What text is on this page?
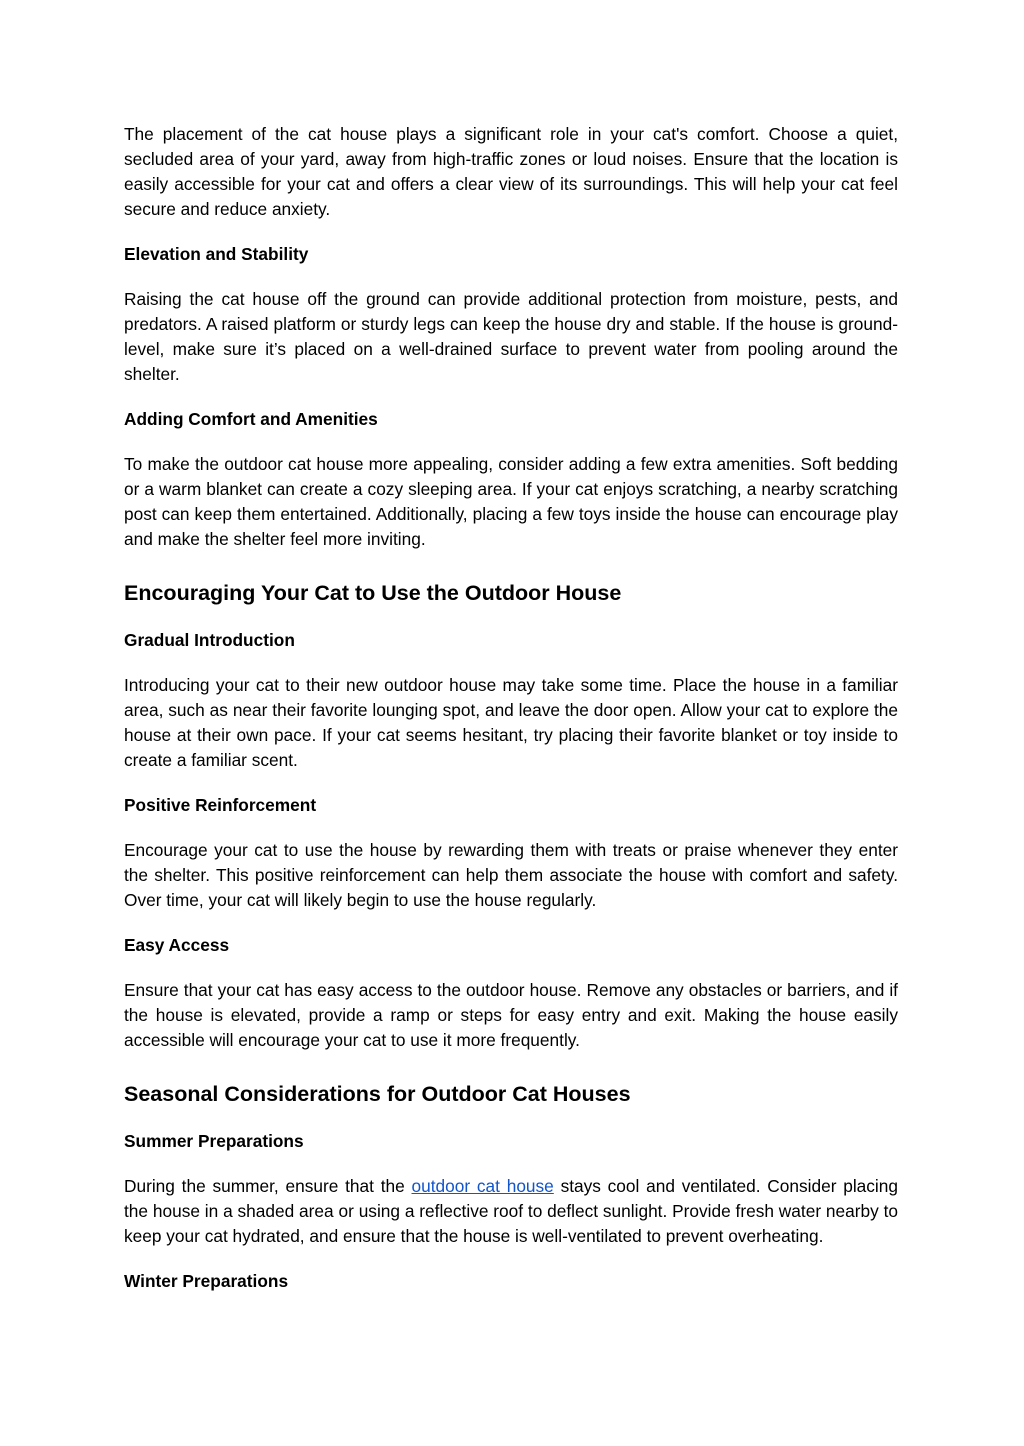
The placement of the cat house plays a significant role in your cat's comfort. Choose a quiet, secluded area of your yard, away from high-traffic zones or loud noises. Ensure that the location is easily accessible for your cat and offers a clear view of its surroundings. This will help your cat feel secure and reduce anxiety.

Elevation and Stability

Raising the cat house off the ground can provide additional protection from moisture, pests, and predators. A raised platform or sturdy legs can keep the house dry and stable. If the house is ground-level, make sure it’s placed on a well-drained surface to prevent water from pooling around the shelter.

Adding Comfort and Amenities

To make the outdoor cat house more appealing, consider adding a few extra amenities. Soft bedding or a warm blanket can create a cozy sleeping area. If your cat enjoys scratching, a nearby scratching post can keep them entertained. Additionally, placing a few toys inside the house can encourage play and make the shelter feel more inviting.

Encouraging Your Cat to Use the Outdoor House
Gradual Introduction

Introducing your cat to their new outdoor house may take some time. Place the house in a familiar area, such as near their favorite lounging spot, and leave the door open. Allow your cat to explore the house at their own pace. If your cat seems hesitant, try placing their favorite blanket or toy inside to create a familiar scent.

Positive Reinforcement

Encourage your cat to use the house by rewarding them with treats or praise whenever they enter the shelter. This positive reinforcement can help them associate the house with comfort and safety. Over time, your cat will likely begin to use the house regularly.

Easy Access

Ensure that your cat has easy access to the outdoor house. Remove any obstacles or barriers, and if the house is elevated, provide a ramp or steps for easy entry and exit. Making the house easily accessible will encourage your cat to use it more frequently.

Seasonal Considerations for Outdoor Cat Houses
Summer Preparations

During the summer, ensure that the outdoor cat house stays cool and ventilated. Consider placing the house in a shaded area or using a reflective roof to deflect sunlight. Provide fresh water nearby to keep your cat hydrated, and ensure that the house is well-ventilated to prevent overheating.

Winter Preparations
